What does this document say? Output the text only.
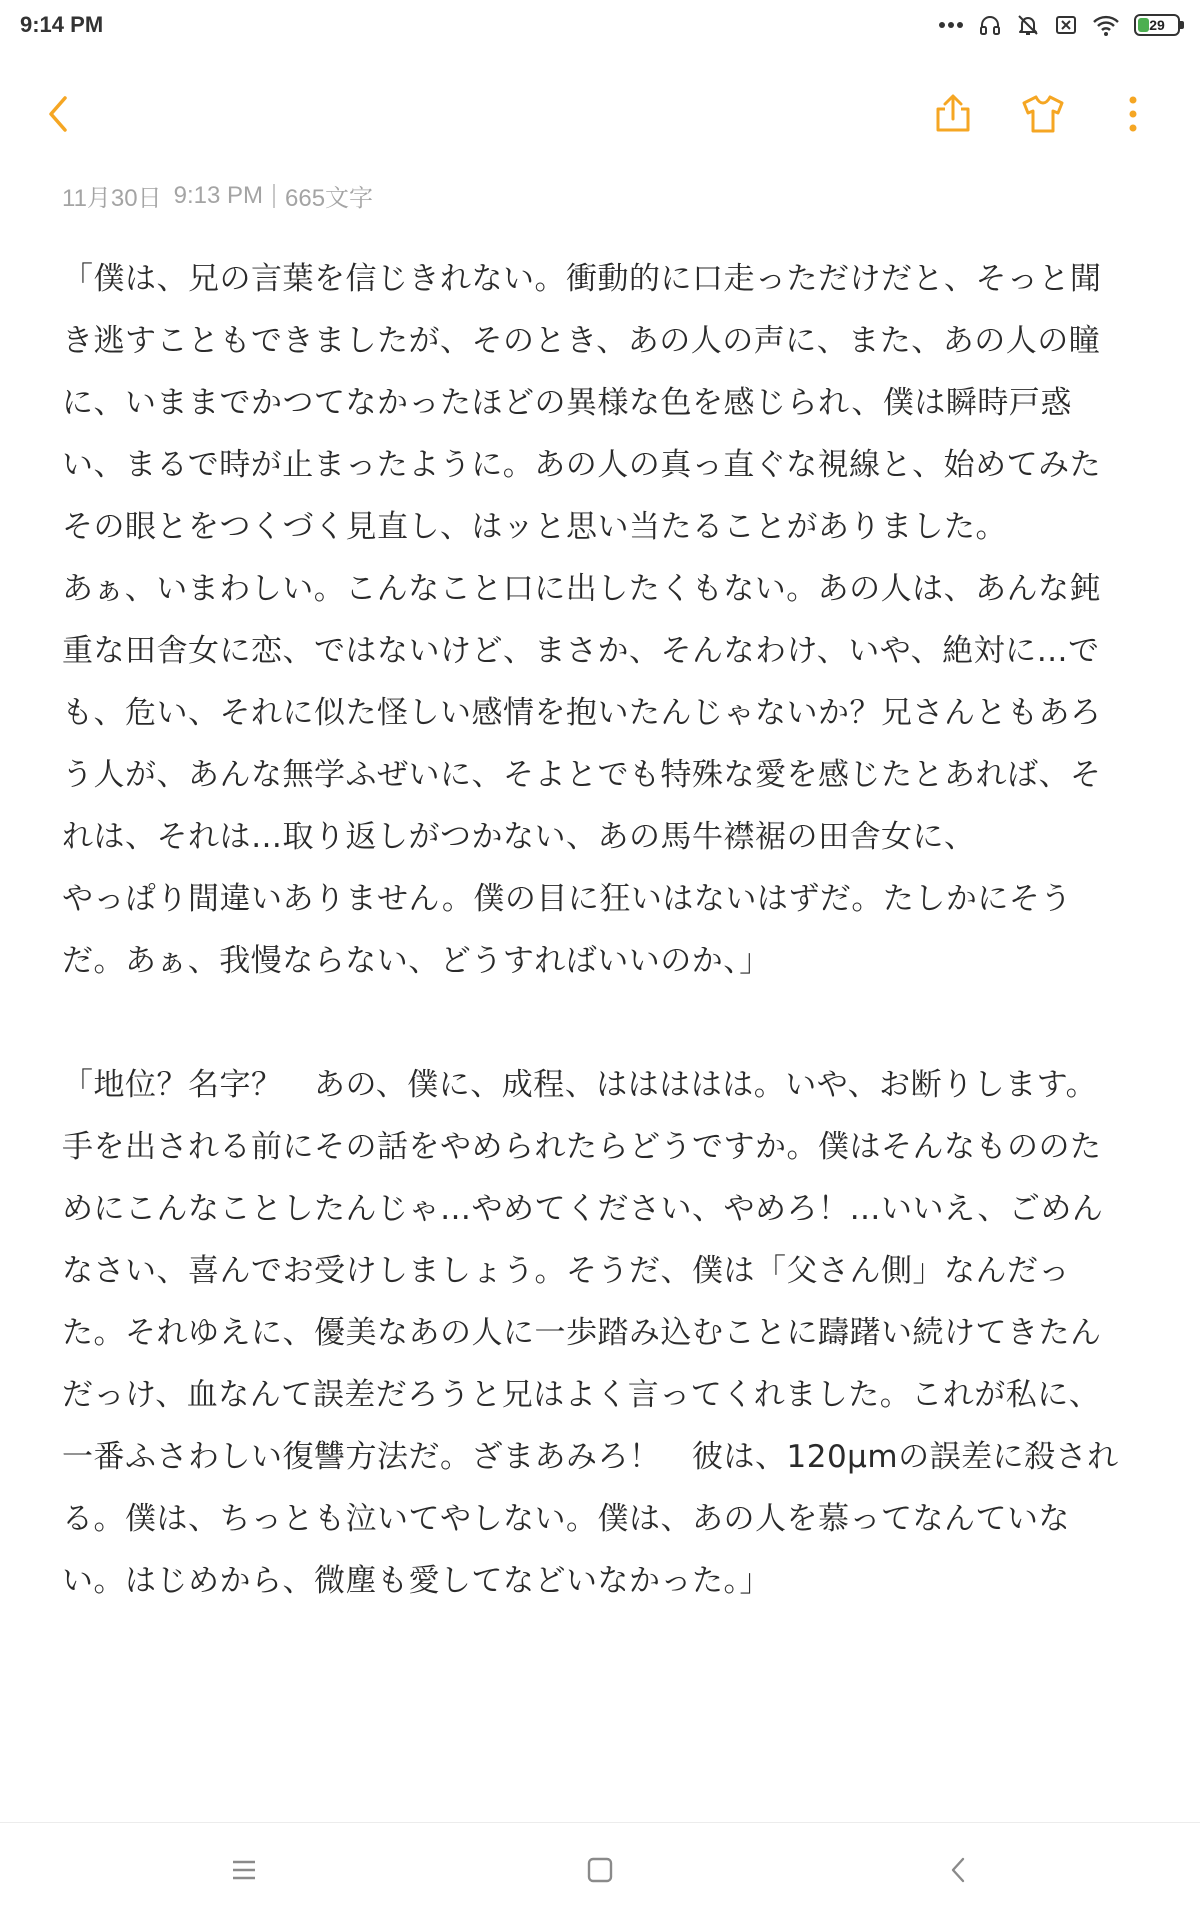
9:14 PM	29
11月30日 9:13 PM 665文字

「僕は、兄の言葉を信じきれない。衝動的に口走っただけだと、そっと聞き逃すこともできましたが、そのとき、あの人の声に、また、あの人の瞳に、いままでかつてなかったほどの異様な色を感じられ、僕は瞬時戸惑い、まるで時が止まったように。あの人の真っ直ぐな視線と、始めてみたその眼とをつくづく見直し、はッと思い当たることがありました。

あぁ、いまわしい。こんなこと口に出したくもない。あの人は、あんな鈍重な田舎女に恋、ではないけど、まさか、そんなわけ、いや、絶対に…でも、危い、それに似た怪しい感情を抱いたんじゃないか？兄さんともあろう人が、あんな無学ふぜいに、そよとでも特殊な愛を感じたとあれば、それは、それは…取り返しがつかない、あの馬牛襟裾の田舎女に、

やっぱり間違いありません。僕の目に狂いはないはずだ。たしかにそうだ。あぁ、我慢ならない、どうすればいいのか、」

「地位？名字？　あの、僕に、成程、ははははは。いや、お断りします。手を出される前にその話をやめられたらどうですか。僕はそんなもののためにこんなことしたんじゃ…やめてください、やめろ！…いいえ、ごめんなさい、喜んでお受けしましょう。そうだ、僕は「父さん側」なんだった。それゆえに、優美なあの人に一歩踏み込むことに躊躇い続けてきたんだっけ、血なんて誤差だろうと兄はよく言ってくれました。これが私に、一番ふさわしい復讐方法だ。ざまあみろ！　彼は、120μmの誤差に殺される。僕は、ちっとも泣いてやしない。僕は、あの人を慕ってなんていない。はじめから、微塵も愛してなどいなかった。」
